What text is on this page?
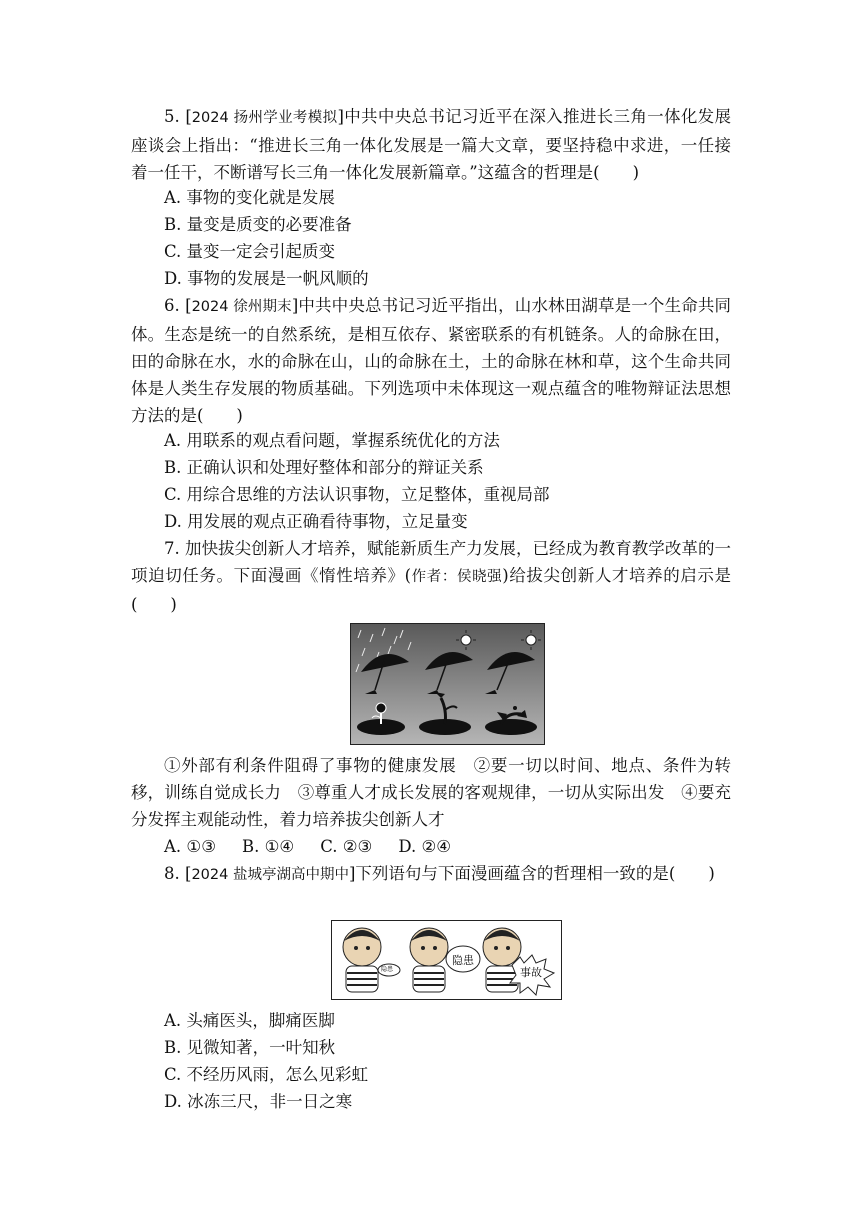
5. [2024 扬州学业考模拟]中共中央总书记习近平在深入推进长三角一体化发展座谈会上指出：“推进长三角一体化发展是一篇大文章，要坚持稳中求进，一任接着一任干，不断谱写长三角一体化发展新篇章。”这蕴含的哲理是(　　)

A. 事物的变化就是发展

B. 量变是质变的必要准备

C. 量变一定会引起质变

D. 事物的发展是一帆风顺的

6. [2024 徐州期末]中共中央总书记习近平指出，山水林田湖草是一个生命共同体。生态是统一的自然系统，是相互依存、紧密联系的有机链条。人的命脉在田，田的命脉在水，水的命脉在山，山的命脉在土，土的命脉在林和草，这个生命共同体是人类生存发展的物质基础。下列选项中未体现这一观点蕴含的唯物辩证法思想方法的是(　　)

A. 用联系的观点看问题，掌握系统优化的方法

B. 正确认识和处理好整体和部分的辩证关系

C. 用综合思维的方法认识事物，立足整体，重视局部

D. 用发展的观点正确看待事物，立足量变

7. 加快拔尖创新人才培养，赋能新质生产力发展，已经成为教育教学改革的一项迫切任务。下面漫画《惰性培养》(作者：侯晓强)给拔尖创新人才培养的启示是(　　)

①外部有利条件阻碍了事物的健康发展　②要一切以时间、地点、条件为转移，训练自觉成长力　③尊重人才成长发展的客观规律，一切从实际出发　④要充分发挥主观能动性，着力培养拔尖创新人才

A. ①③ B. ①④ C. ②③ D. ②④

8. [2024 盐城亭湖高中期中]下列语句与下面漫画蕴含的哲理相一致的是(　　)

隐患
隐患
事故

A. 头痛医头，脚痛医脚

B. 见微知著，一叶知秋

C. 不经历风雨，怎么见彩虹

D. 冰冻三尺，非一日之寒
